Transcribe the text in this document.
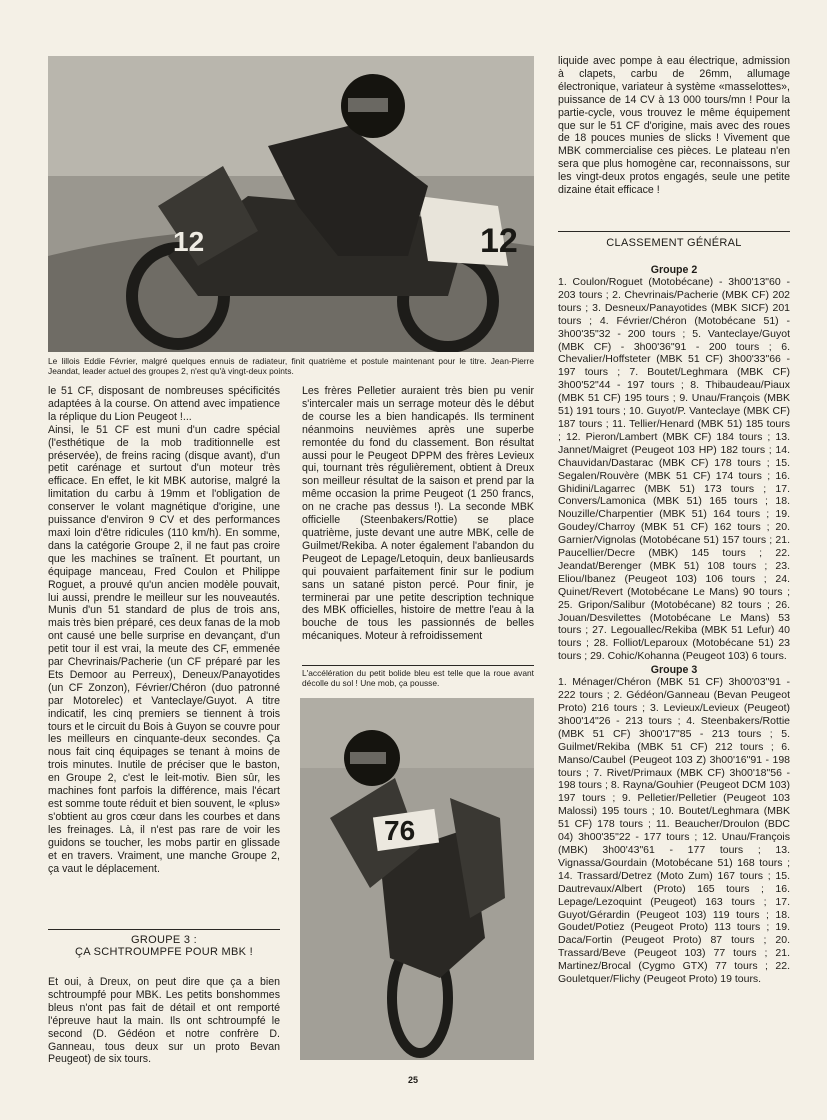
12
12
Le lillois Eddie Février, malgré quelques ennuis de radiateur, finit quatrième et postule maintenant pour le titre. Jean-Pierre Jeandat, leader actuel des groupes 2, n'est qu'à vingt-deux points.

le 51 CF, disposant de nombreuses spécificités adaptées à la course. On attend avec impatience la réplique du Lion Peugeot !...

Ainsi, le 51 CF est muni d'un cadre spécial (l'esthétique de la mob traditionnelle est préservée), de freins racing (disque avant), d'un petit carénage et surtout d'un moteur très efficace. En effet, le kit MBK autorise, malgré la limitation du carbu à 19mm et l'obligation de conserver le volant magnétique d'origine, une puissance d'environ 9 CV et des performances maxi loin d'être ridicules (110 km/h). En somme, dans la catégorie Groupe 2, il ne faut pas croire que les machines se traînent. Et pourtant, un équipage manceau, Fred Coulon et Philippe Roguet, a prouvé qu'un ancien modèle pouvait, lui aussi, prendre le meilleur sur les nouveautés. Munis d'un 51 standard de plus de trois ans, mais très bien préparé, ces deux fanas de la mob ont causé une belle surprise en devançant, d'un petit tour il est vrai, la meute des CF, emmenée par Chevrinais/Pacherie (un CF préparé par les Ets Demoor au Perreux), Deneux/Panayotides (un CF Zonzon), Février/Chéron (duo patronné par Motorelec) et Vanteclaye/Guyot. A titre indicatif, les cinq premiers se tiennent à trois tours et le circuit du Bois à Guyon se couvre pour les meilleurs en cinquante-deux secondes. Ça nous fait cinq équipages se tenant à moins de trois minutes. Inutile de préciser que le baston, en Groupe 2, c'est le leit-motiv. Bien sûr, les machines font parfois la différence, mais l'écart est somme toute réduit et bien souvent, le «plus» s'obtient au gros cœur dans les courbes et dans les freinages. Là, il n'est pas rare de voir les guidons se toucher, les mobs partir en glissade et en travers. Vraiment, une manche Groupe 2, ça vaut le déplacement.

GROUPE 3 :
ÇA SCHTROUMPFE POUR MBK !
Et oui, à Dreux, on peut dire que ça a bien schtroumpfé pour MBK. Les petits bonshommes bleus n'ont pas fait de détail et ont remporté l'épreuve haut la main. Ils ont schtroumpfé le second (D. Gédéon et notre confrère D. Ganneau, tous deux sur un proto Bevan Peugeot) de six tours.
Les frères Pelletier auraient très bien pu venir s'intercaler mais un serrage moteur dès le début de course les a bien handicapés. Ils terminent néanmoins neuvièmes après une superbe remontée du fond du classement. Bon résultat aussi pour le Peugeot DPPM des frères Levieux qui, tournant très régulièrement, obtient à Dreux son meilleur résultat de la saison et prend par la même occasion la prime Peugeot (1 250 francs, on ne crache pas dessus !). La seconde MBK officielle (Steenbakers/Rottie) se place quatrième, juste devant une autre MBK, celle de Guilmet/Rekiba. A noter également l'abandon du Peugeot de Lepage/Letoquin, deux banlieusards qui pouvaient parfaitement finir sur le podium sans un satané piston percé. Pour finir, je terminerai par une petite description technique des MBK officielles, histoire de mettre l'eau à la bouche de tous les passionnés de belles mécaniques. Moteur à refroidissement
L'accélération du petit bolide bleu est telle que la roue avant décolle du sol ! Une mob, ça pousse.
76
liquide avec pompe à eau électrique, admission à clapets, carbu de 26mm, allumage électronique, variateur à système «masselottes», puissance de 14 CV à 13 000 tours/mn ! Pour la partie-cycle, vous trouvez le même équipement que sur le 51 CF d'origine, mais avec des roues de 18 pouces munies de slicks ! Vivement que MBK commercialise ces pièces. Le plateau n'en sera que plus homogène car, reconnaissons, sur les vingt-deux protos engagés, seule une petite dizaine était efficace !
CLASSEMENT GÉNÉRAL
Groupe 2
1. Coulon/Roguet (Motobécane) - 3h00'13"60 - 203 tours ; 2. Chevrinais/Pacherie (MBK CF) 202 tours ; 3. Desneux/Panayotides (MBK SICF) 201 tours ; 4. Février/Chéron (Motobécane 51) - 3h00'35"32 - 200 tours ; 5. Vanteclaye/Guyot (MBK CF) - 3h00'36"91 - 200 tours ; 6. Chevalier/Hoffsteter (MBK 51 CF) 3h00'33"66 - 197 tours ; 7. Boutet/Leghmara (MBK CF) 3h00'52"44 - 197 tours ; 8. Thibaudeau/Piaux (MBK 51 CF) 195 tours ; 9. Unau/François (MBK 51) 191 tours ; 10. Guyot/P. Vanteclaye (MBK CF) 187 tours ; 11. Tellier/Henard (MBK 51) 185 tours ; 12. Pieron/Lambert (MBK CF) 184 tours ; 13. Jannet/Maigret (Peugeot 103 HP) 182 tours ; 14. Chauvidan/Dastarac (MBK CF) 178 tours ; 15. Segalen/Rouvère (MBK 51 CF) 174 tours ; 16. Ghidini/Lagarrec (MBK 51) 173 tours ; 17. Convers/Lamonica (MBK 51) 165 tours ; 18. Nouzille/Charpentier (MBK 51) 164 tours ; 19. Goudey/Charroy (MBK 51 CF) 162 tours ; 20. Garnier/Vignolas (Motobécane 51) 157 tours ; 21. Paucellier/Decre (MBK) 145 tours ; 22. Jeandat/Berenger (MBK 51) 108 tours ; 23. Eliou/Ibanez (Peugeot 103) 106 tours ; 24. Quinet/Revert (Motobécane Le Mans) 90 tours ; 25. Gripon/Salibur (Motobécane) 82 tours ; 26. Jouan/Desvilettes (Motobécane Le Mans) 53 tours ; 27. Legouallec/Rekiba (MBK 51 Lefur) 40 tours ; 28. Folliot/Leparoux (Motobécane 51) 23 tours ; 29. Cohic/Kohanna (Peugeot 103) 6 tours.
Groupe 3
1. Ménager/Chéron (MBK 51 CF) 3h00'03"91 - 222 tours ; 2. Gédéon/Ganneau (Bevan Peugeot Proto) 216 tours ; 3. Levieux/Levieux (Peugeot) 3h00'14"26 - 213 tours ; 4. Steenbakers/Rottie (MBK 51 CF) 3h00'17"85 - 213 tours ; 5. Guilmet/Rekiba (MBK 51 CF) 212 tours ; 6. Manso/Caubel (Peugeot 103 Z) 3h00'16"91 - 198 tours ; 7. Rivet/Primaux (MBK CF) 3h00'18"56 - 198 tours ; 8. Rayna/Gouhier (Peugeot DCM 103) 197 tours ; 9. Pelletier/Pelletier (Peugeot 103 Malossi) 195 tours ; 10. Boutet/Leghmara (MBK 51 CF) 178 tours ; 11. Beaucher/Droulon (BDC 04) 3h00'35"22 - 177 tours ; 12. Unau/François (MBK) 3h00'43"61 - 177 tours ; 13. Vignassa/Gourdain (Motobécane 51) 168 tours ; 14. Trassard/Detrez (Moto Zum) 167 tours ; 15. Dautrevaux/Albert (Proto) 165 tours ; 16. Lepage/Lezoquint (Peugeot) 163 tours ; 17. Guyot/Gérardin (Peugeot 103) 119 tours ; 18. Goudet/Potiez (Peugeot Proto) 113 tours ; 19. Daca/Fortin (Peugeot Proto) 87 tours ; 20. Trassard/Beve (Peugeot 103) 77 tours ; 21. Martinez/Brocal (Cygmo GTX) 77 tours ; 22. Gouletquer/Flichy (Peugeot Proto) 19 tours.
25
